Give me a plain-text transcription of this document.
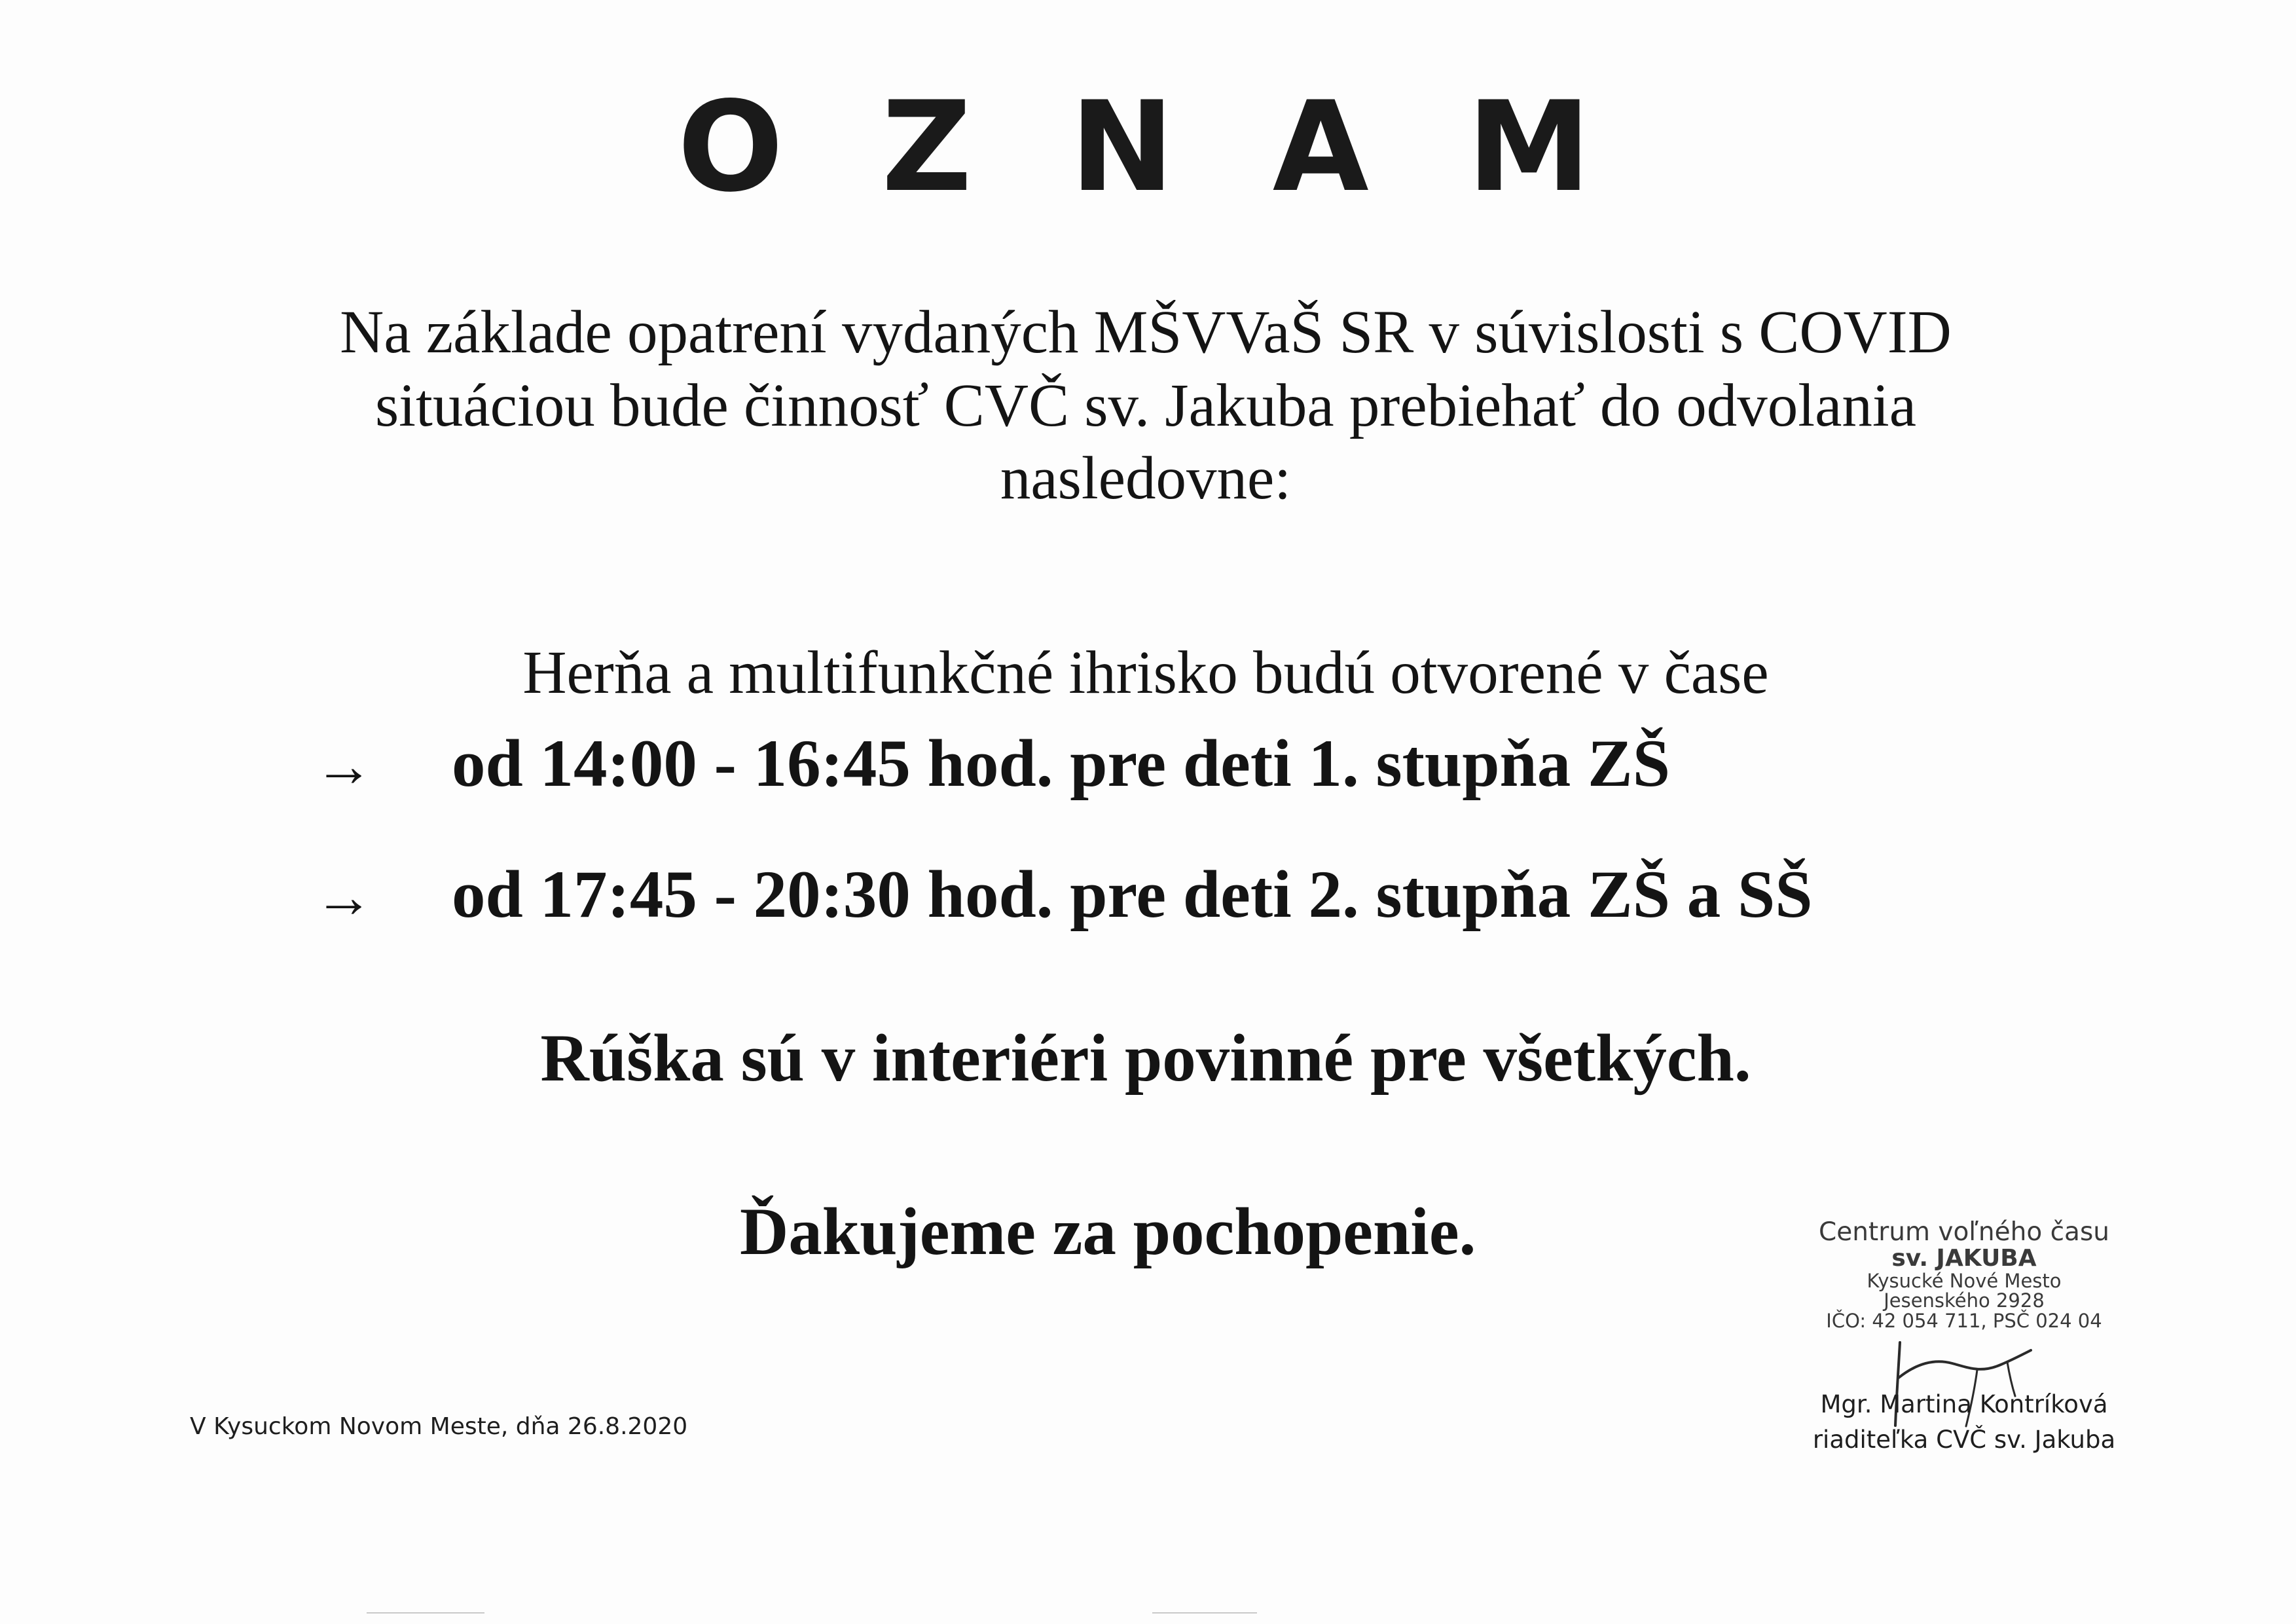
O Z N A M
Na základe opatrení vydaných MŠVVaŠ SR v súvislosti s COVID
situáciou bude činnosť CVČ sv. Jakuba prebiehať do odvolania
nasledovne:
Herňa a multifunkčné ihrisko budú otvorené v čase
→ od 14:00 - 16:45 hod. pre deti 1. stupňa ZŠ
→ od 17:45 - 20:30 hod. pre deti 2. stupňa ZŠ a SŠ
Rúška sú v interiéri povinné pre všetkých.
Ďakujeme za pochopenie.	Centrum voľného času
sv. JAKUBA
Kysucké Nové Mesto
Jesenského 2928
IČO: 42 054 711, PSČ 024 04
V Kysuckom Novom Meste, dňa 26.8.2020
Mgr. Martina Kontríková
riaditeľka CVČ sv. Jakuba
